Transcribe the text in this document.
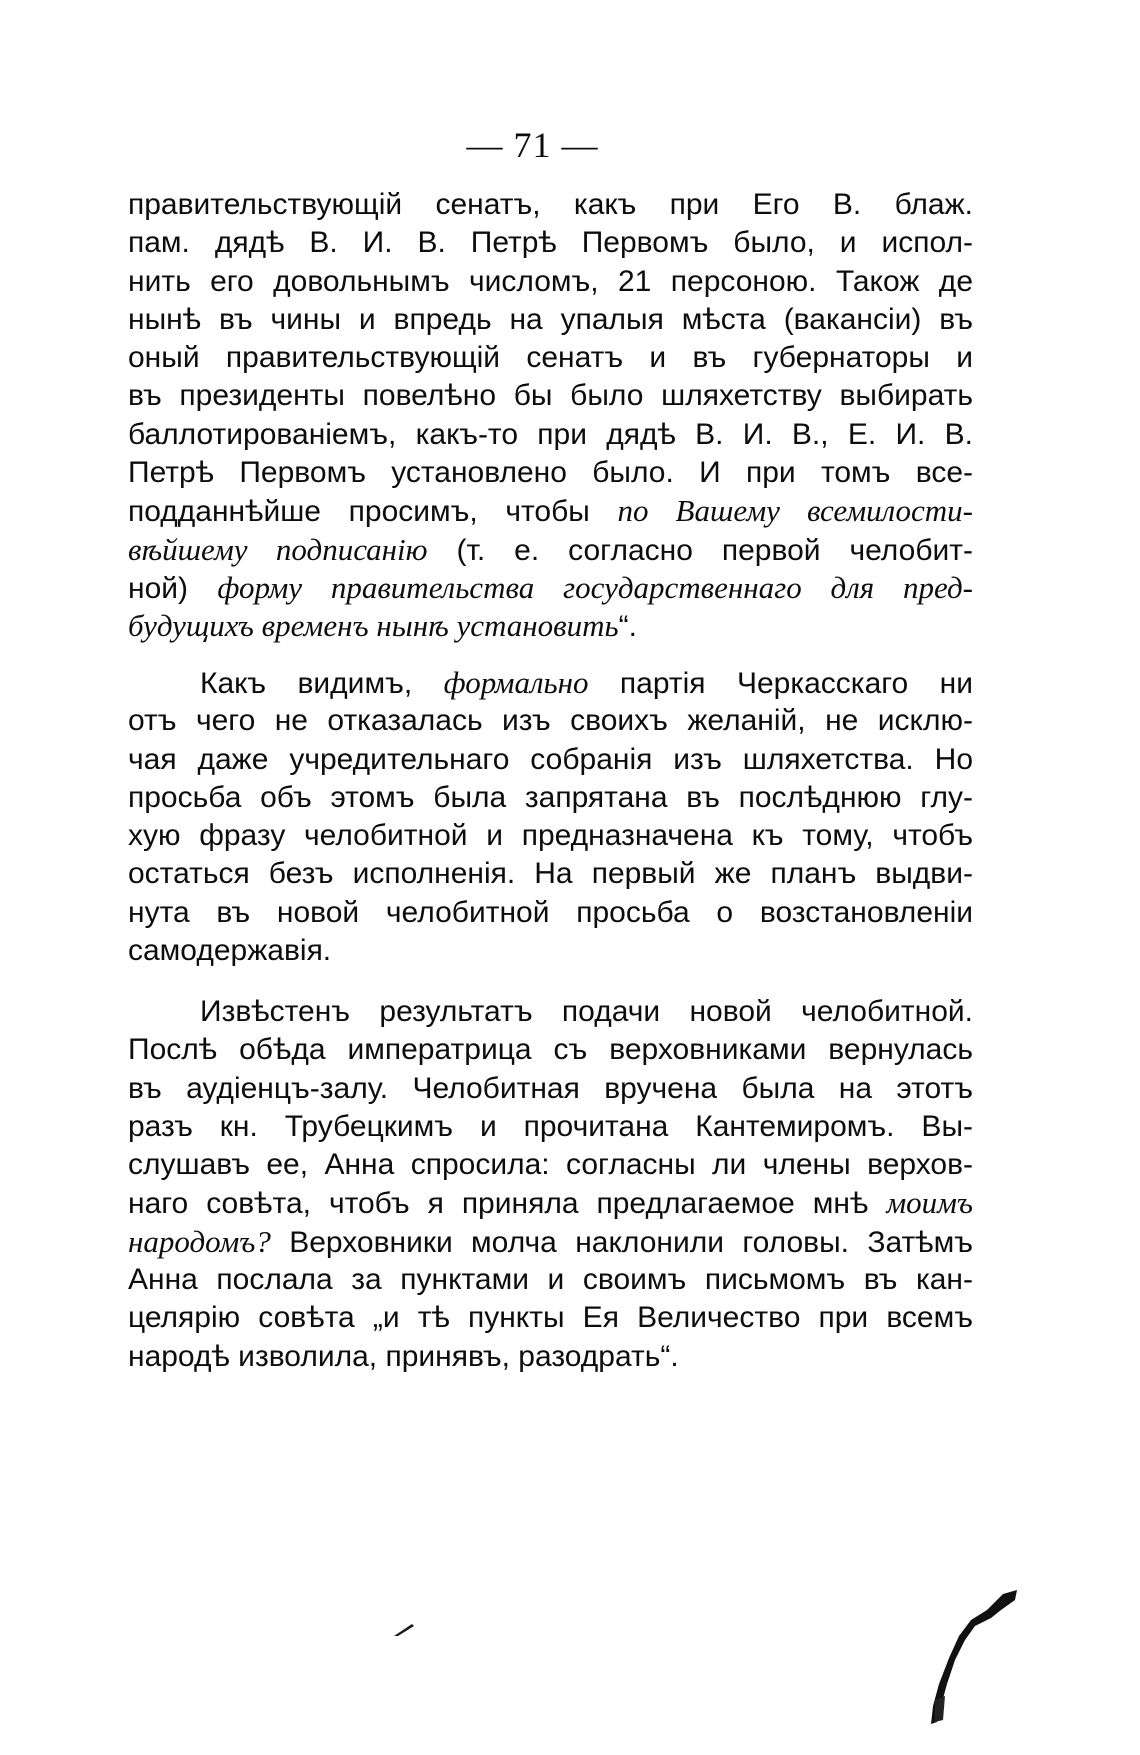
— 71 —
правительствующій сенатъ, какъ при Его В. блаж.
пам. дядѣ В. И. В. Петрѣ Первомъ было, и испол-
нить его довольнымъ числомъ, 21 персоною. Також де
нынѣ въ чины и впредь на упалыя мѣста (вакансіи) въ
оный правительствующій сенатъ и въ губернаторы и
въ президенты повелѣно бы было шляхетству выбирать
баллотированіемъ, какъ-то при дядѣ В. И. В., Е. И. В.
Петрѣ Первомъ установлено было. И при томъ все-
подданнѣйше просимъ, чтобы по Вашему всемилости-
вѣйшему подписанію (т. е. согласно первой челобит-
ной) форму правительства государственнаго для пред-
будущихъ временъ нынѣ установить“.
Какъ видимъ, формально партія Черкасскаго ни
отъ чего не отказалась изъ своихъ желаній, не исклю-
чая даже учредительнаго собранія изъ шляхетства. Но
просьба объ этомъ была запрятана въ послѣднюю глу-
хую фразу челобитной и предназначена къ тому, чтобъ
остаться безъ исполненія. На первый же планъ выдви-
нута въ новой челобитной просьба о возстановленіи
самодержавія.
Извѣстенъ результатъ подачи новой челобитной.
Послѣ обѣда императрица съ верховниками вернулась
въ аудіенцъ-залу. Челобитная вручена была на этотъ
разъ кн. Трубецкимъ и прочитана Кантемиромъ. Вы-
слушавъ ее, Анна спросила: согласны ли члены верхов-
наго совѣта, чтобъ я приняла предлагаемое мнѣ моимъ
народомъ? Верховники молча наклонили головы. Затѣмъ
Анна послала за пунктами и своимъ письмомъ въ кан-
целярію совѣта „и тѣ пункты Ея Величество при всемъ
народѣ изволила, принявъ, разодрать“.
